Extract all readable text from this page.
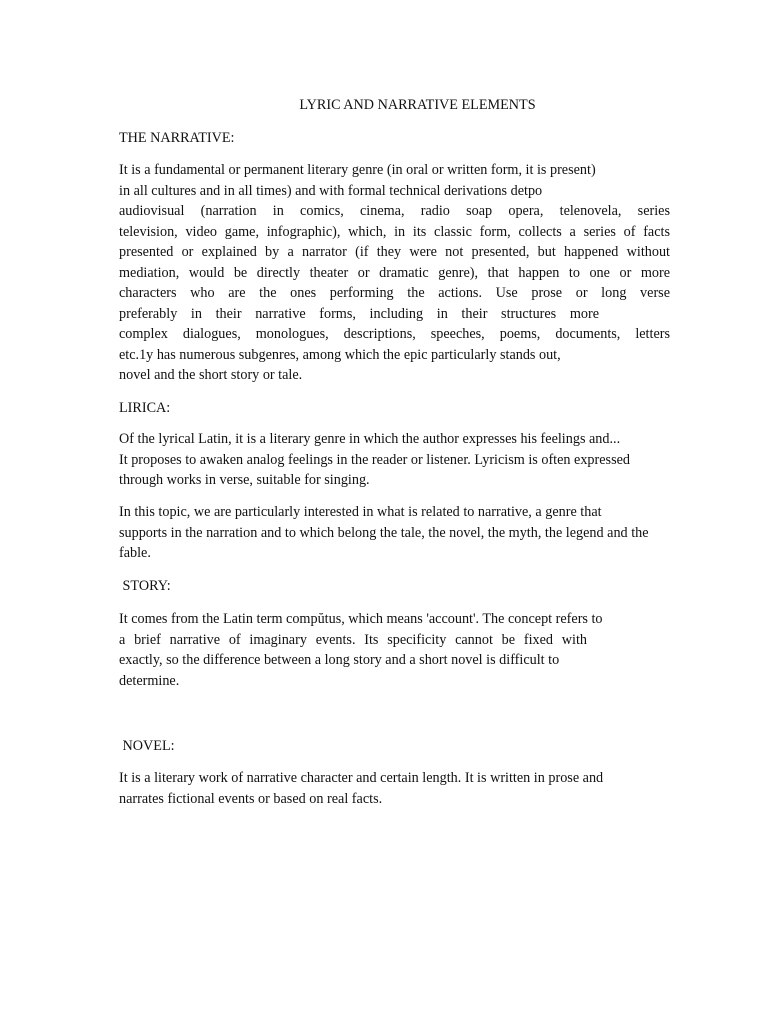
LYRIC AND NARRATIVE ELEMENTS
THE NARRATIVE:
It is a fundamental or permanent literary genre (in oral or written form, it is present)
in all cultures and in all times) and with formal technical derivations detpo
audiovisual (narration in comics, cinema, radio soap opera, telenovela, series
television, video game, infographic), which, in its classic form, collects a series of facts
presented or explained by a narrator (if they were not presented, but happened without
mediation, would be directly theater or dramatic genre), that happen to one or more
characters who are the ones performing the actions. Use prose or long verse
preferably in their narrative forms, including in their structures more
complex dialogues, monologues, descriptions, speeches, poems, documents, letters
etc.1y has numerous subgenres, among which the epic particularly stands out,
novel and the short story or tale.
LIRICA:
Of the lyrical Latin, it is a literary genre in which the author expresses his feelings and...
It proposes to awaken analog feelings in the reader or listener. Lyricism is often expressed
through works in verse, suitable for singing.
In this topic, we are particularly interested in what is related to narrative, a genre that
supports in the narration and to which belong the tale, the novel, the myth, the legend and the
fable.
STORY:
It comes from the Latin term compŭtus, which means 'account'. The concept refers to
a brief narrative of imaginary events. Its specificity cannot be fixed with
exactly, so the difference between a long story and a short novel is difficult to
determine.
NOVEL:
It is a literary work of narrative character and certain length. It is written in prose and
narrates fictional events or based on real facts.
